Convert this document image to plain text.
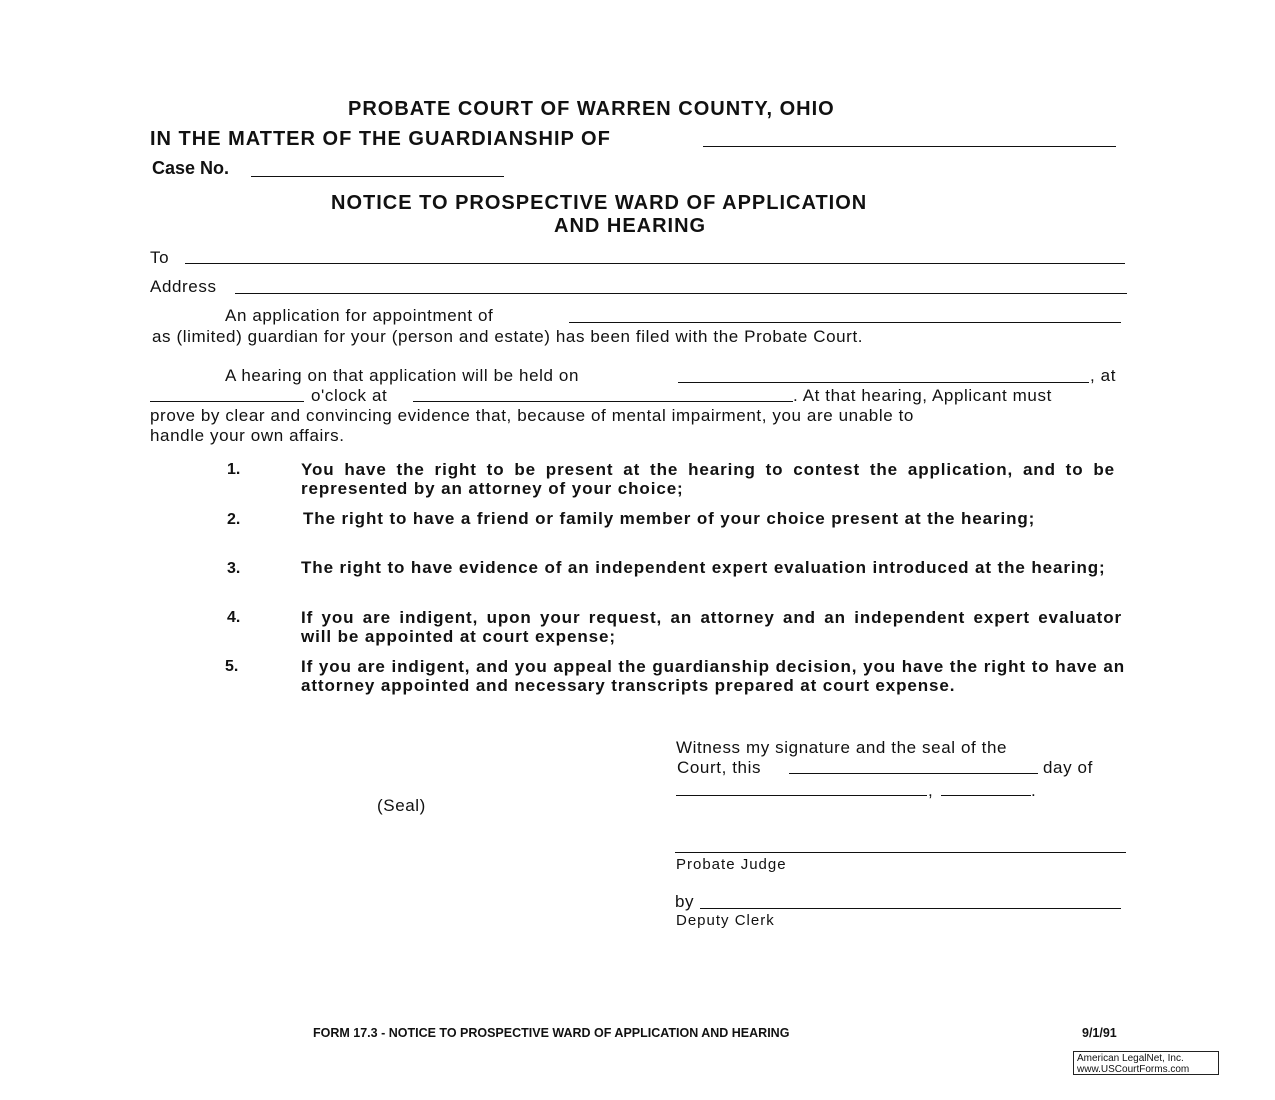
PROBATE COURT OF WARREN COUNTY, OHIO
IN THE MATTER OF THE GUARDIANSHIP OF
Case No.
NOTICE TO PROSPECTIVE WARD OF APPLICATION
AND HEARING
To
Address
An application for appointment of
as (limited) guardian for your (person and estate) has been filed with the Probate Court.
A hearing on that application will be held on	, at
o'clock at	. At that hearing, Applicant must
prove by clear and convincing evidence that, because of mental impairment, you are unable to
handle your own affairs.
1.	You have the right to be present at the hearing to contest the application, and to be represented by an attorney of your choice;
2.	The right to have a friend or family member of your choice present at the hearing;
3.	The right to have evidence of an independent expert evaluation introduced at the hearing;
4.	If you are indigent, upon your request, an attorney and an independent expert evaluator will be appointed at court expense;
5.	If you are indigent, and you appeal the guardianship decision, you have the right to have an attorney appointed and necessary transcripts prepared at court expense.
Witness my signature and the seal of the
Court, this	day of
,	.
(Seal)
Probate Judge
by
Deputy Clerk
FORM 17.3 - NOTICE TO PROSPECTIVE WARD OF APPLICATION AND HEARING	9/1/91
American LegalNet, Inc.
www.USCourtForms.com
